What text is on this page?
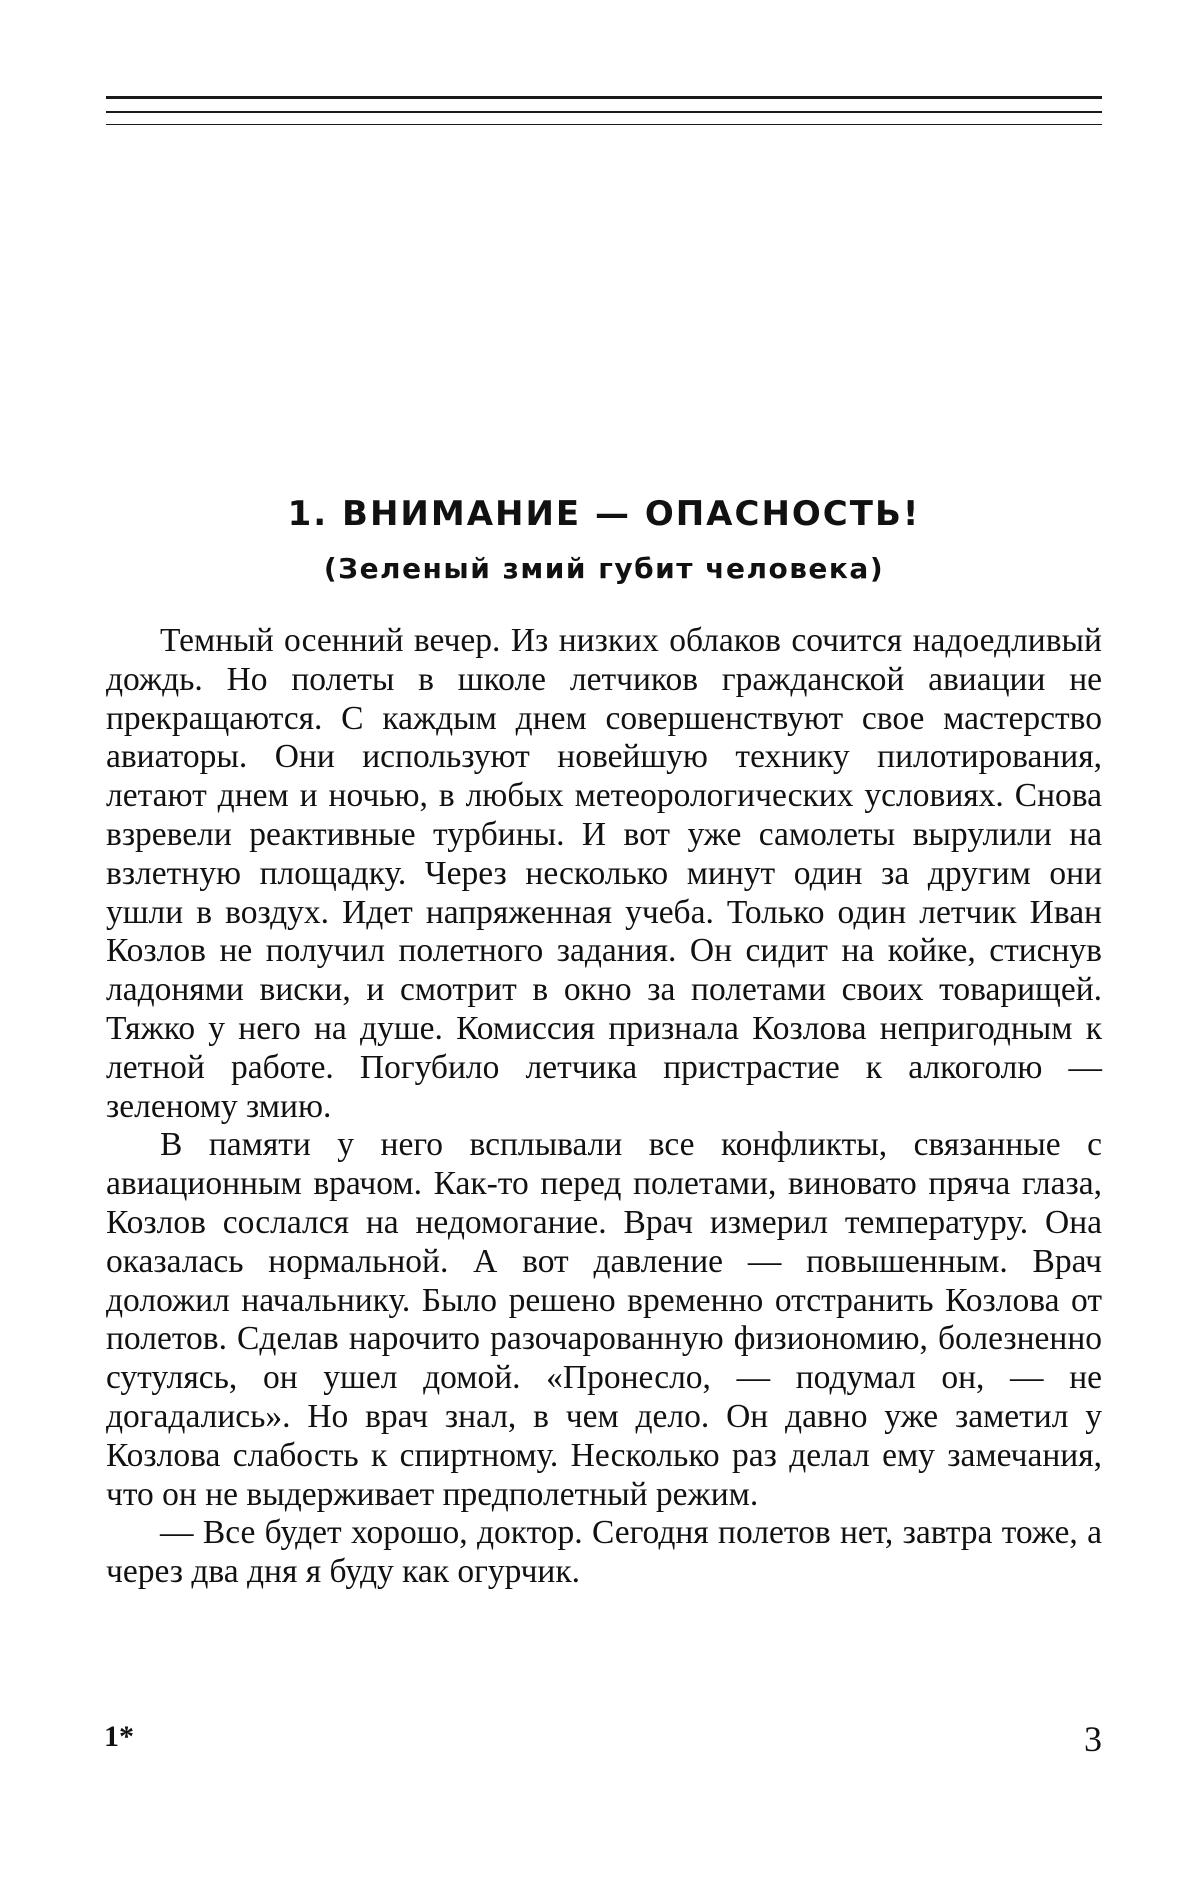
1. ВНИМАНИЕ — ОПАСНОСТЬ!
(Зеленый змий губит человека)

Темный осенний вечер. Из низких облаков сочится надоедливый дождь. Но полеты в школе летчиков гражданской авиации не прекращаются. С каждым днем совершенствуют свое мастерство авиаторы. Они используют новейшую технику пилотирования, летают днем и ночью, в любых метеорологических условиях. Снова взревели реактивные турбины. И вот уже самолеты вырулили на взлетную площадку. Через несколько минут один за другим они ушли в воздух. Идет напряженная учеба. Только один летчик Иван Козлов не получил полетного задания. Он сидит на койке, стиснув ладонями виски, и смотрит в окно за полетами своих товарищей. Тяжко у него на душе. Комиссия признала Козлова непригодным к летной работе. Погубило летчика пристрастие к алкоголю — зеленому змию.

В памяти у него всплывали все конфликты, связанные с авиационным врачом. Как-то перед полетами, виновато пряча глаза, Козлов сослался на недомогание. Врач измерил температуру. Она оказалась нормальной. А вот давление — повышенным. Врач доложил начальнику. Было решено временно отстранить Козлова от полетов. Сделав нарочито разочарованную физиономию, болезненно сутулясь, он ушел домой. «Пронесло, — подумал он, — не догадались». Но врач знал, в чем дело. Он давно уже заметил у Козлова слабость к спиртному. Несколько раз делал ему замечания, что он не выдерживает предполетный режим.

— Все будет хорошо, доктор. Сегодня полетов нет, завтра тоже, а через два дня я буду как огурчик.

1*	3
